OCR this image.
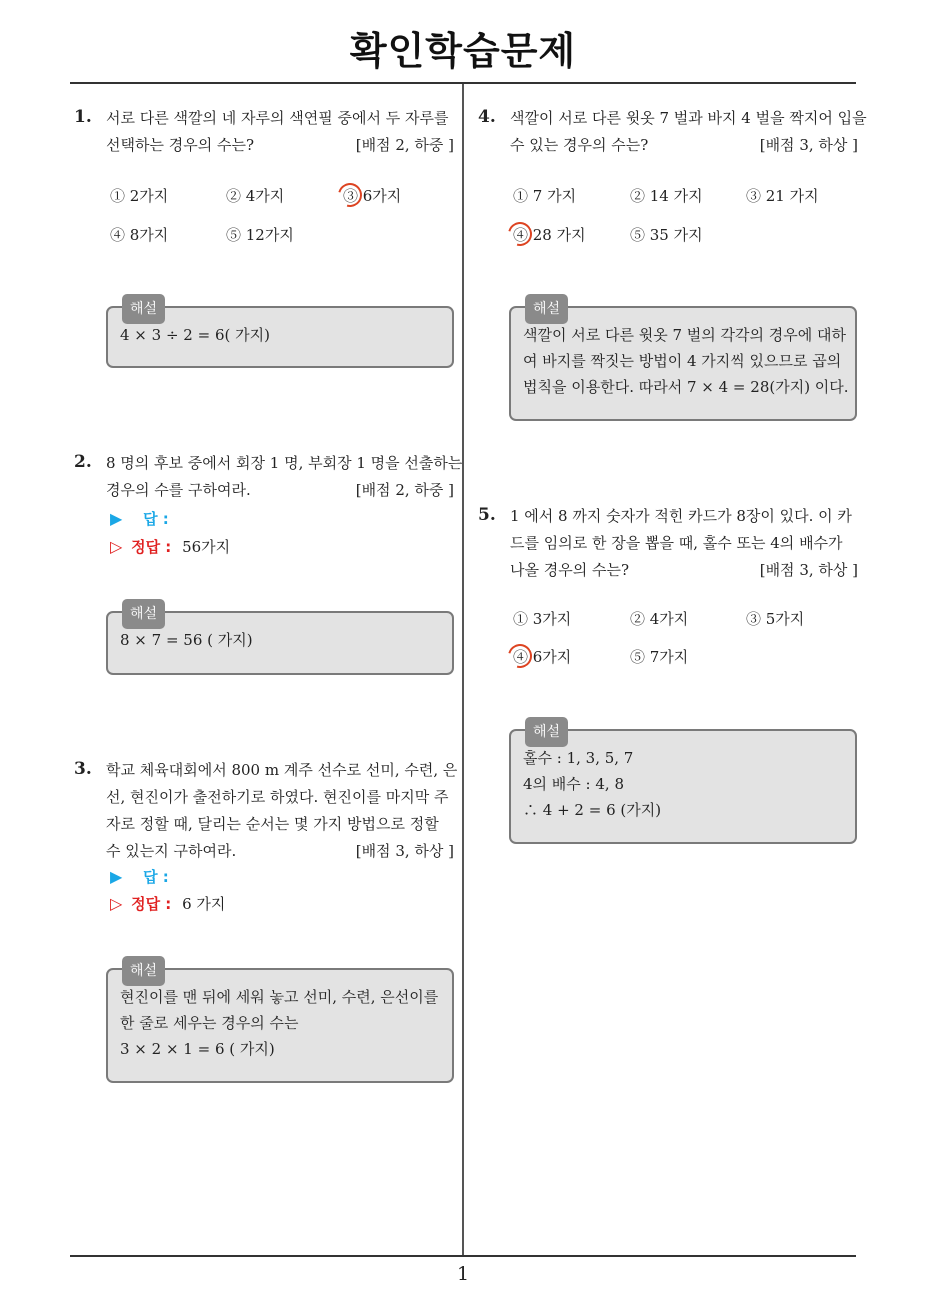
확인학습문제
1. 서로 다른 색깔의 네 자루의 색연필 중에서 두 자루를
선택하는 경우의 수는?	[배점 2, 하중 ]
① 2가지	② 4가지	③ 6가지
④ 8가지	⑤ 12가지
해설
4 × 3 ÷ 2 = 6( 가지)
2. 8 명의 후보 중에서 회장 1 명, 부회장 1 명을 선출하는
경우의 수를 구하여라.	[배점 2, 하중 ]
▶ 답 :
▷ 정답 : 56가지
해설
8 × 7 = 56 ( 가지)
3. 학교 체육대회에서 800 m 계주 선수로 선미, 수련, 은
선, 현진이가 출전하기로 하였다. 현진이를 마지막 주
자로 정할 때, 달리는 순서는 몇 가지 방법으로 정할
수 있는지 구하여라.	[배점 3, 하상 ]
▶ 답 :
▷ 정답 : 6 가지
해설
현진이를 맨 뒤에 세워 놓고 선미, 수련, 은선이를
한 줄로 세우는 경우의 수는
3 × 2 × 1 = 6 ( 가지)
4. 색깔이 서로 다른 윗옷 7 벌과 바지 4 벌을 짝지어 입을
수 있는 경우의 수는?	[배점 3, 하상 ]
① 7 가지	② 14 가지	③ 21 가지
④ 28 가지	⑤ 35 가지
해설
색깔이 서로 다른 윗옷 7 벌의 각각의 경우에 대하
여 바지를 짝짓는 방법이 4 가지씩 있으므로 곱의
법칙을 이용한다. 따라서 7 × 4 = 28(가지) 이다.
5. 1 에서 8 까지 숫자가 적힌 카드가 8장이 있다. 이 카
드를 임의로 한 장을 뽑을 때, 홀수 또는 4의 배수가
나올 경우의 수는?	[배점 3, 하상 ]
① 3가지	② 4가지	③ 5가지
④ 6가지	⑤ 7가지
해설
홀수 : 1, 3, 5, 7
4의 배수 : 4, 8
∴ 4 + 2 = 6 (가지)
1
